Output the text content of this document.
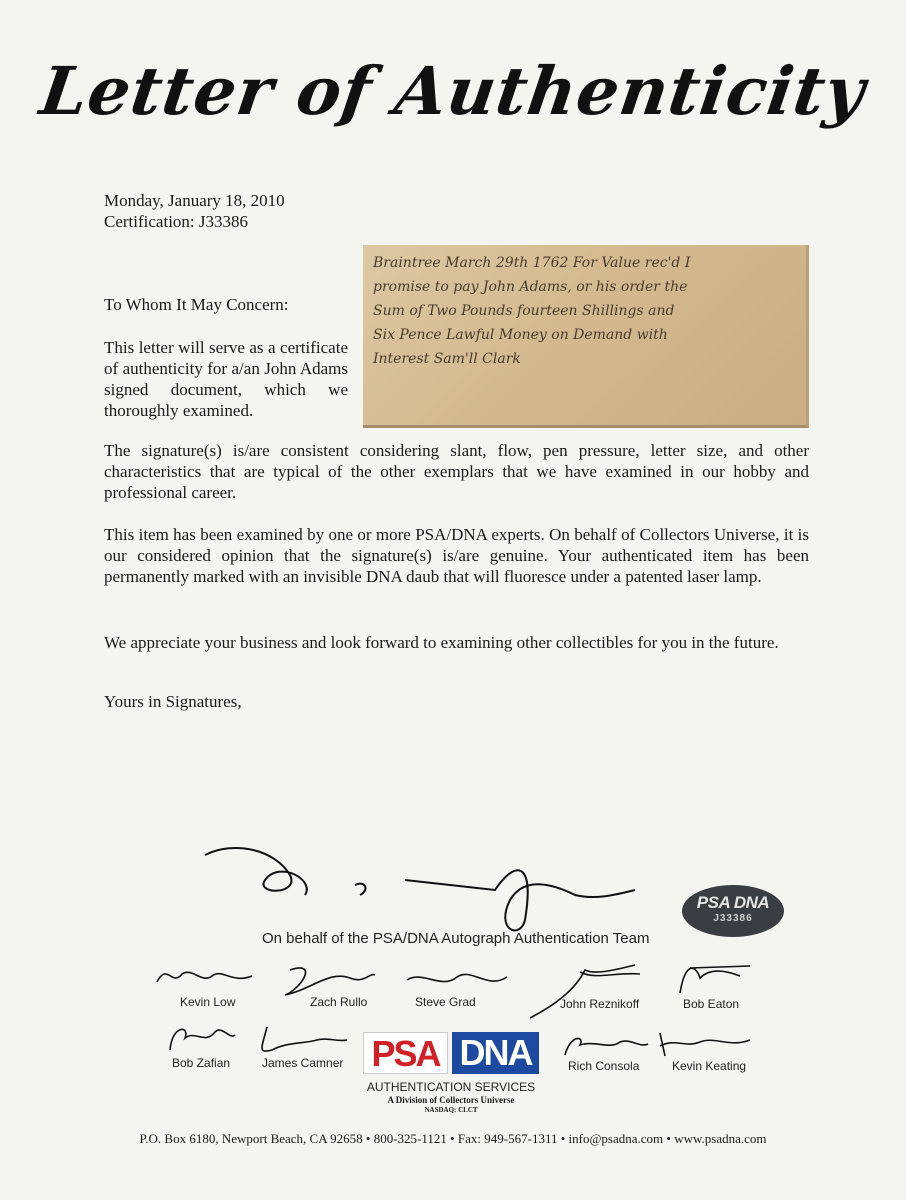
Letter of Authenticity
Monday, January 18, 2010
Certification: J33386
To Whom It May Concern:
This letter will serve as a certificate of authenticity for a/an John Adams signed document, which we thoroughly examined.
Braintree March 29th 1762 For Value rec'd I
promise to pay John Adams, or his order the
Sum of Two Pounds fourteen Shillings and
Six Pence Lawful Money on Demand with
Interest Sam'll Clark
The signature(s) is/are consistent considering slant, flow, pen pressure, letter size, and other characteristics that are typical of the other exemplars that we have examined in our hobby and professional career.
This item has been examined by one or more PSA/DNA experts. On behalf of Collectors Universe, it is our considered opinion that the signature(s) is/are genuine. Your authenticated item has been permanently marked with an invisible DNA daub that will fluoresce under a patented laser lamp.
We appreciate your business and look forward to examining other collectibles for you in the future.
Yours in Signatures,
PSA DNA
J33386
On behalf of the PSA/DNA Autograph Authentication Team
Kevin Low	Zach Rullo	Steve Grad	John Reznikoff	Bob Eaton
Bob Zafian	James Camner	Rich Consola	Kevin Keating
PSA DNA
AUTHENTICATION SERVICES
A Division of Collectors Universe
NASDAQ: CLCT
P.O. Box 6180, Newport Beach, CA 92658 • 800-325-1121 • Fax: 949-567-1311 • info@psadna.com • www.psadna.com
